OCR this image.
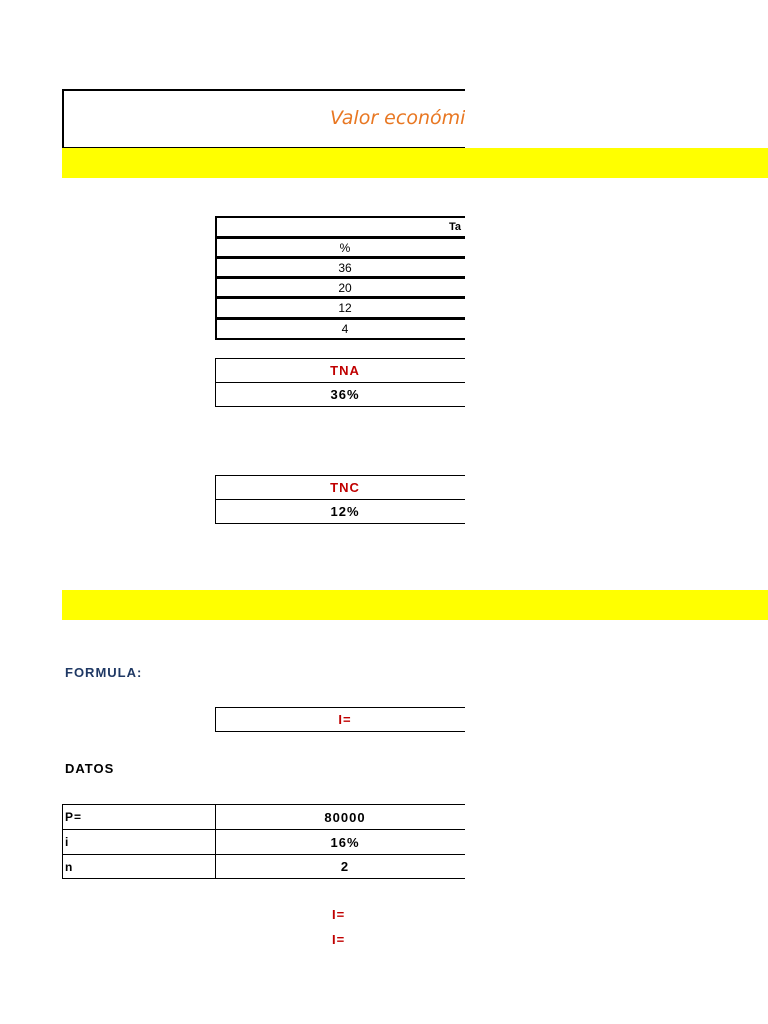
Valor económi
Ta
%
36
20
12
4
TNA
36%
TNC
12%
FORMULA:
I=
DATOS
P=	80000
i	16%
n	2
I=
I=
